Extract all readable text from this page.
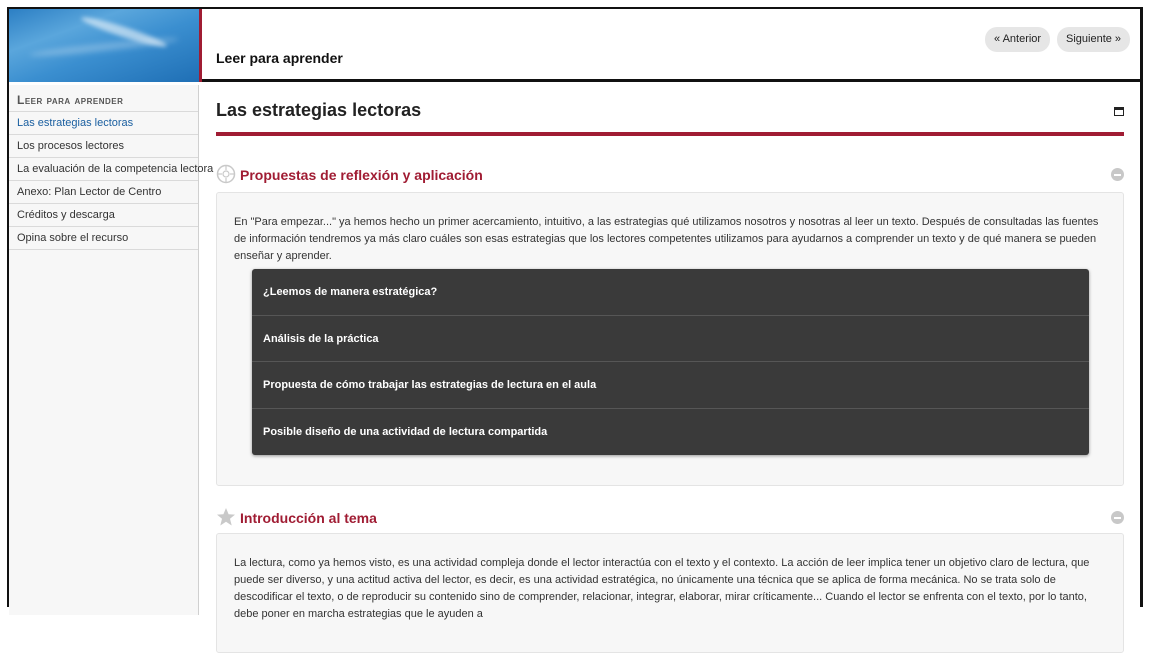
Leer para aprender
« Anterior	Siguiente »
Leer para aprender
Las estrategias lectoras
Los procesos lectores
La evaluación de la competencia lectora
Anexo: Plan Lector de Centro
Créditos y descarga
Opina sobre el recurso
Las estrategias lectoras
Propuestas de reflexión y aplicación

En "Para empezar..." ya hemos hecho un primer acercamiento, intuitivo, a las estrategias qué utilizamos nosotros y nosotras al leer un texto. Después de consultadas las fuentes de información tendremos ya más claro cuáles son esas estrategias que los lectores competentes utilizamos para ayudarnos a comprender un texto y de qué manera se pueden enseñar y aprender.

¿Leemos de manera estratégica?
Análisis de la práctica
Propuesta de cómo trabajar las estrategias de lectura en el aula
Posible diseño de una actividad de lectura compartida
Introducción al tema

La lectura, como ya hemos visto, es una actividad compleja donde el lector interactúa con el texto y el contexto. La acción de leer implica tener un objetivo claro de lectura, que puede ser diverso, y una actitud activa del lector, es decir, es una actividad estratégica, no únicamente una técnica que se aplica de forma mecánica. No se trata solo de descodificar el texto, o de reproducir su contenido sino de comprender, relacionar, integrar, elaborar, mirar críticamente... Cuando el lector se enfrenta con el texto, por lo tanto, debe poner en marcha estrategias que le ayuden a
